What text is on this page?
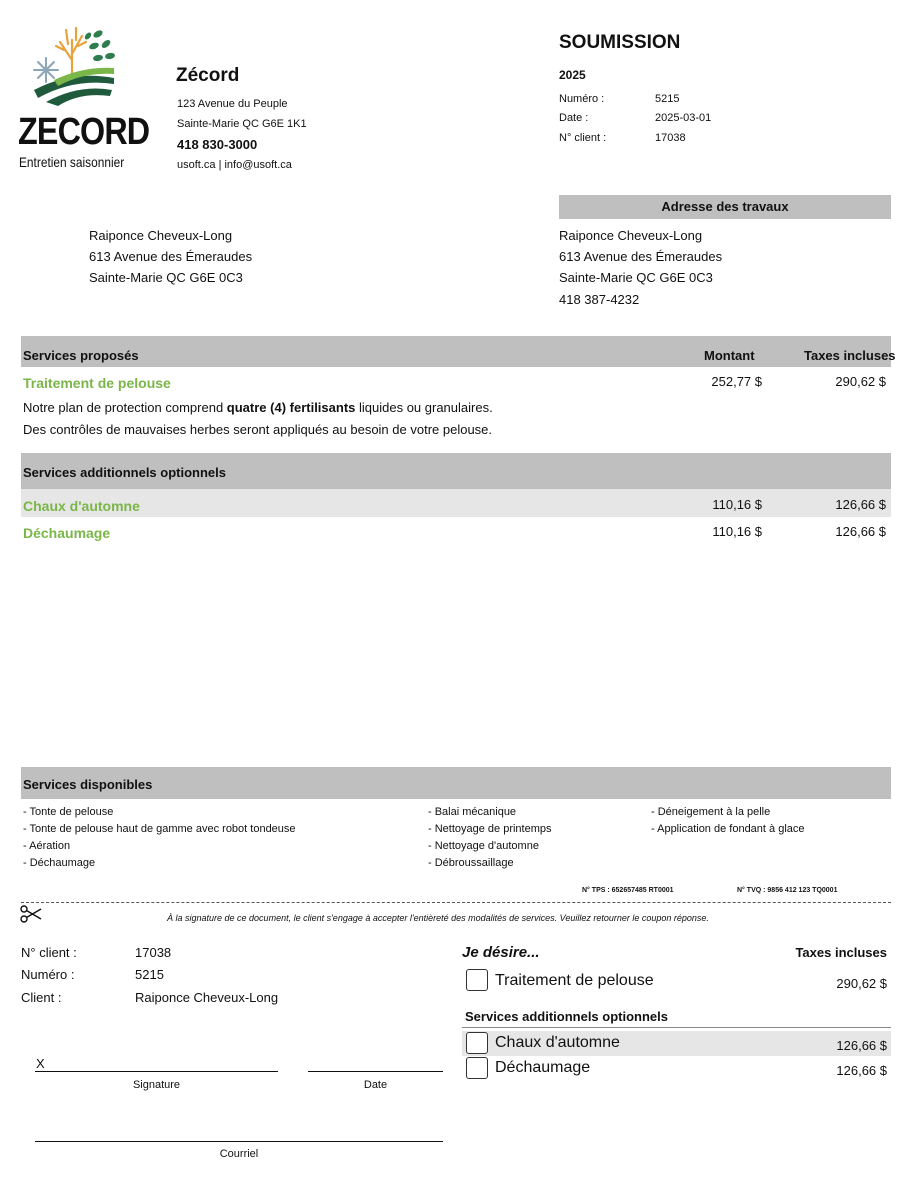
ZECORD
Entretien saisonnier
Zécord
123 Avenue du Peuple
Sainte-Marie QC G6E 1K1
418 830-3000
usoft.ca | info@usoft.ca
SOUMISSION
2025
Numéro :	5215
Date :	2025-03-01
N° client :	17038
Raiponce Cheveux-Long
613 Avenue des Émeraudes
Sainte-Marie QC G6E 0C3
Adresse des travaux
Raiponce Cheveux-Long
613 Avenue des Émeraudes
Sainte-Marie QC G6E 0C3
418 387-4232
Services proposés	Montant	Taxes incluses
Traitement de pelouse	252,77 $	290,62 $
Notre plan de protection comprend quatre (4) fertilisants liquides ou granulaires.
Des contrôles de mauvaises herbes seront appliqués au besoin de votre pelouse.
Services additionnels optionnels
Chaux d'automne	110,16 $	126,66 $
Déchaumage	110,16 $	126,66 $
Services disponibles
- Tonte de pelouse
- Tonte de pelouse haut de gamme avec robot tondeuse
- Aération
- Déchaumage
- Balai mécanique
- Nettoyage de printemps
- Nettoyage d'automne
- Débroussaillage
- Déneigement à la pelle
- Application de fondant à glace
N° TPS : 652657485 RT0001	N° TVQ : 9856 412 123 TQ0001
À la signature de ce document, le client s'engage à accepter l'entièreté des modalités de services. Veuillez retourner le coupon réponse.
N° client :	17038
Numéro :	5215
Client :	Raiponce Cheveux-Long
X
Signature	Date
Courriel
Je désire...	Taxes incluses
Traitement de pelouse	290,62 $
Services additionnels optionnels
Chaux d'automne	126,66 $
Déchaumage	126,66 $
